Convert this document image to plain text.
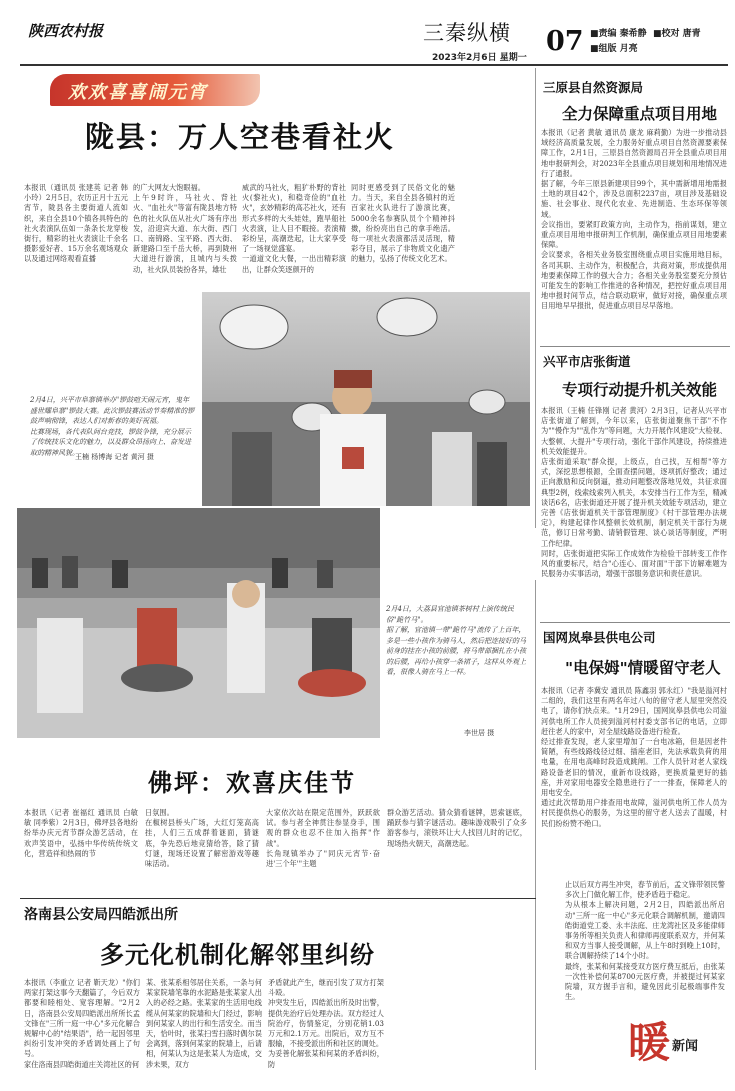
陕西农村报	三秦纵横
2023年2月6日 星期一
07 ■责编 秦希静 ■校对 唐青
■组版 月亮
欢欢喜喜闹元宵
陇县：万人空巷看社火
本报讯（通讯员 张建英 记者 韩小玲）2月5日，农历正月十五元宵节，陇县各主要街道人流如织，来自全县10个镇各具特色的社火表演队伍如一条条长龙穿梭街行，精彩的社火表演让千余名摄影爱好者、15万余名观场观众以及通过网络观看直播
的广大网友大饱眼福。
上午9时许，马社火、背社火、"血社火"等富有陇县地方特色的社火队伍从社火广场有序出发，沿迎宾大道、东大街、西门口、南锦路、宝平路、西大街、新建路口至千岳大桥，再到陇州大道进行游演，且城内与头拨动，社火队员装扮各异，雄壮
威武的马社火，粗犷朴野的背社火(黎社火)，和稳奇俭的"血社火"，玄妙精彩的高芯社火，还有形式多样的大头娃娃，跑旱船社火表演，让人目不暇接。表演精彩纷呈，高潮迭起，让大家享受了一场视觉盛宴。
一道道文化大餐，一出出精彩演出，让群众笑逐颜开的
同时更感受到了民俗文化的魅力。当天，来自全县各镇村的近百家社火队进行了游演比赛，5000余名参赛队员个个精神抖擞，纷纷亮出自己的拿手绝活。每一项社火表演都活灵活现，精彩夺目，展示了非物质文化遗产的魅力，弘扬了传统文化艺术。
2月4日，兴平市阜寨镇举办"锣鼓喧天闹元宵，鬼年盛世耀阜寨"锣鼓大赛。此次锣鼓赛活动节奏精准的锣鼓声响彻锋，表达人们对新春的美好祝福。
比赛现场，各代表队间台竞技，锣鼓争锋，充分展示了传统技乐文化的魅力，以及群众昂扬向上、奋发进取的精神风貌。
王楠 杨博海 记者 黄河 摄
2月4日，大荔县官池镇茶树村上演传统民俗"跪竹马"。
据了解，官池镇一带"跪竹马"流传了上百年，多是一些小孩作为骑马人，然后把连接好的马前身的挂在小孩的前腰，将马带部捆扎在小孩的后腰，再给小孩穿一条裙子，这样从外观上看，很像人骑在马上一样。
李世居 摄
佛坪：欢喜庆佳节
本报讯（记者 崔福红 通讯员 白敏敏 同季紫）2月3日，佛坪县各地纷纷举办庆元宵节群众游艺活动，在欢声笑语中，弘扬中华传统传统文化，营造祥和热闹的节
日氛围。
在椒树县桥头广场，大红灯笼高高挂，人们三五成群着谜面，猜谜底，争先恐后地竞猜给答，除了猜灯谜，现场还设置了解密游戏等趣味活动。
大家依次站在限定范围外，跃跃欲试。参与者全神贯注参显身手，围观的群众也忍不住加入指挥"作战"。
长角现镇举办了"同庆元宵节·奋进'三个年'"主题
群众游艺活动。猜众猜看谜牌，思索谜底，踊跃参与猜字谜活动。趣味游戏吸引了众多游客参与，滚铁环让大人找回儿时的记忆，现场热火朝天，高潮迭起。
洛南县公安局四皓派出所
多元化机制化解邻里纠纷
本报讯（李重立 记者 靳天龙）"你们两家打架这事今天翻篇了，今后双方都要和睦相处、宽容理解。"2月2日，洛南县公安局四皓派出所所长孟文锋在"三所一庭一中心"多元化解合规解中心的"结果语"，给一起因邻里纠纷引发冲突的矛盾调处画上了句号。
家住洛南县四皓街道庄关湾社区的何
某、张某系相邻居住关系，一条与何某家院墙笔靠的水泥路是张某家人出入的必经之路。张某家的生活用电线缆从何某家的院墙和大门经过，影响到何某家人的出行和生活安全。而当天，恰叶时，张某扫雪扫落时偶尔误会离到，落到何某家的院墙上，后请相，何某认为这是张某人为造成，交涉未果，双方
矛盾就此产生，继而引发了双方打架斗殴。
冲突发生后，四皓派出所及时出警，提供先治疗后处理办法。双方经过人院治疗，伤情鉴定，分别花销1.03万元和2.1万元。出院后，双方互不服输，不接受派出所和社区的调处。
为妥善化解张某和何某的矛盾纠纷，防
止以后双方再生冲突，春节前后，孟文锋带领民警多次上门做化解工作，使矛盾趋于稳定。
为从根本上解决问题，2月2日，四皓派出所启动"三所一庭一中心"多元化联合调解机制，邀请四皓街道党工委、永丰法庭、庄龙湾社区及多能律师事务所等相关负责人和律师再度联系双方，并何某和双方当事人接受调解，从上午8时到晚上10时，联合调解持续了14个小时。
最终，张某和何某接受双方医疗费互抵后，由张某一次性补偿何某8700元医疗费，并被提过何某家院墙，双方握手言和，避免因此引起极端事件发生。
暖 新闻
三原县自然资源局
全力保障重点项目用地
本报讯（记者 黄敏 通讯员 康龙 麻莉勤）为进一步推动县域经济高质量发展，全力服务好重点项目自然资源要素保障工作，2月1日，三原县自然资源局召开全县重点项目用地申报研判会，对2023年全县重点项目规划和用地情况进行了通报。
据了解，今年三原县新建项目99个，其中需新增用地需报土地的项目42个，涉及总面积2237亩，项目涉及基础设施、社会事业、现代化农业、先进制造、生态环保等领域。
会议指出，要紧盯政策方向，主动作为，指前谋划，建立重点项目用地申报研判工作机制，确保重点项目用地要素保障。
会议要求，各相关业务股室围绕重点项目实施用地目标，各司其职、主动作为，积极配合，共商对策，形成提供用地要素保障工作的强大合力；各相关业务股室要充分预估可能发生的影响工作推进的各种情况，把控好重点项目用地申报时间节点，结合联动联审，做好对接，确保重点项目用地早早报批，促进重点项目尽早落地。
兴平市店张街道
专项行动提升机关效能
本报讯（王楠 任锋刚 记者 黄河）2月3日，记者从兴平市店张街道了解到，今年以来，店张街道聚焦干部"不作为""慢作为""乱作为"等问题，大力开展作风建设"大检视、大整顿、大提升"专项行动，强化干部作风建设，持续推进机关效能提升。
店张街道采取"群众提，上级点，自己找，互相帮"等方式，深挖思想根源，全面查摆问题，逐项抓好整改；通过正向激励和反向倒逼，推动问题整改落地见效，共征求面典型2例，线索线索列入机关，本安排当行工作为至，精减谈话6名，店张街道还开展了提升机关效能专项活动，建立完善《店张街道机关干部管理制度》《村干部管理办法规定》，构建起律作风整顿长效机制，制定机关干部行为规范，修订日常考勤、请销假管理、谈心谈话等制度，严明工作纪律。
同时，店张街道把实际工作成效作为检验干部转变工作作风的重要标尺，结合"心连心、面对面"干部下访解难题为民服务办实事活动，增强干部服务意识和责任意识。
国网岚皋县供电公司
"电保姆"情暖留守老人
本报讯（记者 李冀安 通讯员 陈鑫羽 郭永红）"我是溢河村二组的，我们这里有两名年过八旬的留守老人屋里突然没电了，请你们快点来。"1月29日，国网岚皋县供电公司溢河供电所工作人员接到溢河村村委支部书记的电话，立即赶往老人的家中，对全屋线路设备进行检查。
经过排查发现，老人家里增加了一台电冰箱，但是因老件简陋，有些线路线径过细、插座老旧，先法承载负荷的用电量，在用电高峰时段造成跳闸。工作人员针对老人家线路设备老旧的情况，重新布设线路，更换质量更好的插座，并对家用电器安全隐患进行了一一排查，保障老人的用电安全。
通过此次帮助用户排查用电故障，溢河供电所工作人员为村民提供热心的服务，为这里的留守老人送去了温暖，村民们纷纷赞不绝口。
